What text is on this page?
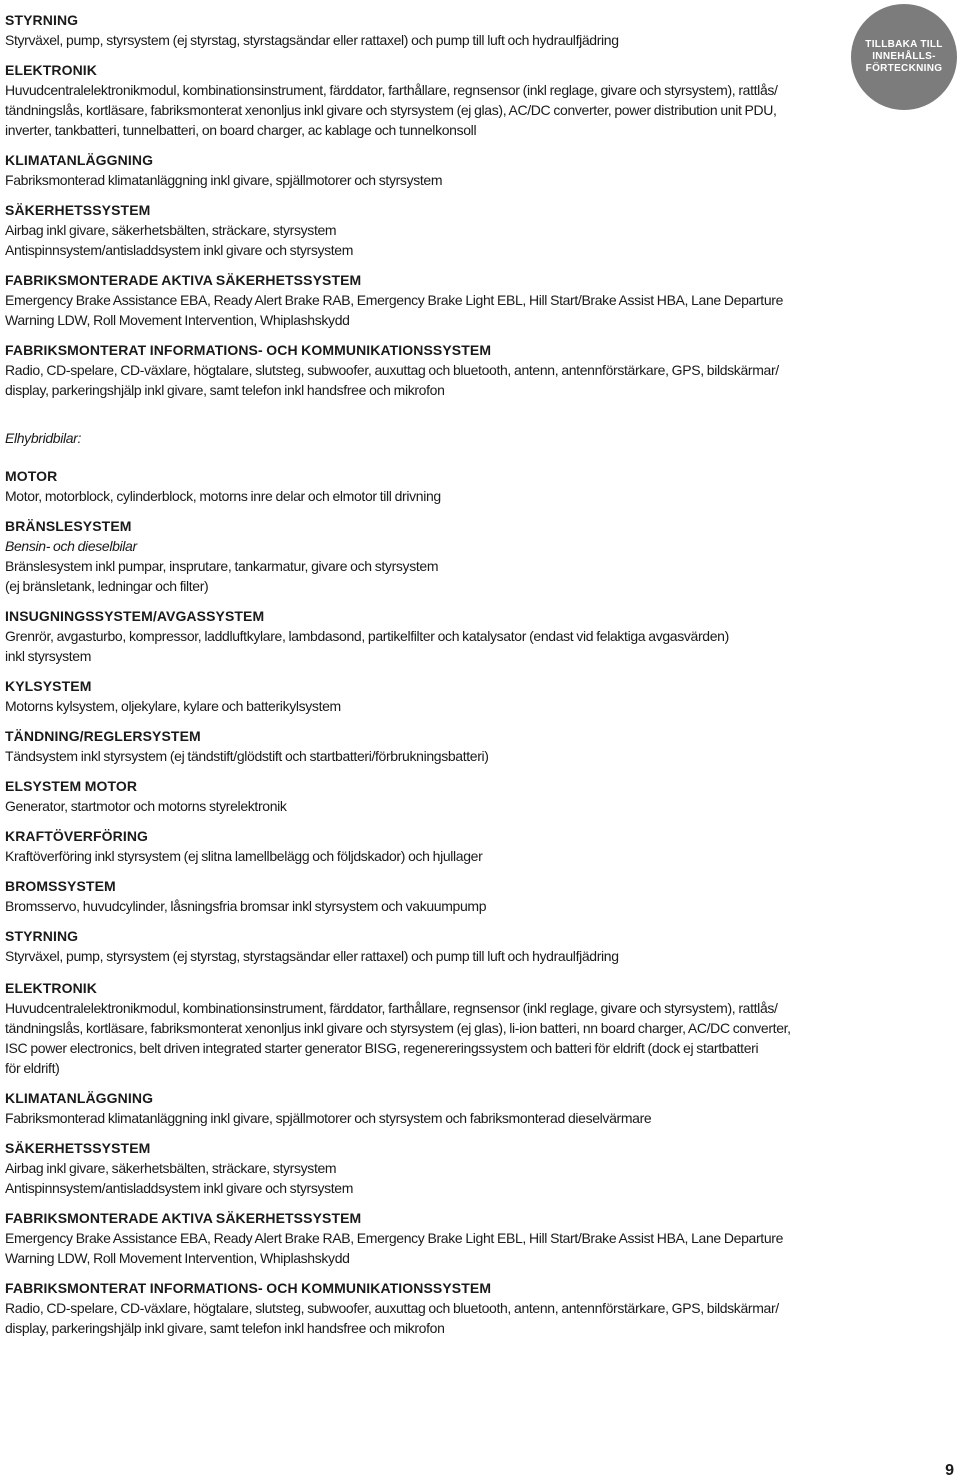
TILLBAKA TILL
INNEHÅLLS-
FÖRTECKNING
STYRNING

Styrväxel, pump, styrsystem (ej styrstag, styrstagsändar eller rattaxel) och pump till luft och hydraulfjädring

ELEKTRONIK

Huvudcentralelektronikmodul, kombinationsinstrument, färddator, farthållare, regnsensor (inkl reglage, givare och styrsystem), rattlås/

tändningslås, kortläsare, fabriksmonterat xenonljus inkl givare och styrsystem (ej glas), AC/DC converter, power distribution unit PDU,

inverter, tankbatteri, tunnelbatteri, on board charger, ac kablage och tunnelkonsoll

KLIMATANLÄGGNING

Fabriksmonterad klimatanläggning inkl givare, spjällmotorer och styrsystem

SÄKERHETSSYSTEM

Airbag inkl givare, säkerhetsbälten, sträckare, styrsystem

Antispinnsystem/antisladdsystem inkl givare och styrsystem

FABRIKSMONTERADE AKTIVA SÄKERHETSSYSTEM

Emergency Brake Assistance EBA, Ready Alert Brake RAB, Emergency Brake Light EBL, Hill Start/Brake Assist HBA, Lane Departure

Warning LDW, Roll Movement Intervention, Whiplashskydd

FABRIKSMONTERAT INFORMATIONS- OCH KOMMUNIKATIONSSYSTEM

Radio, CD-spelare, CD-växlare, högtalare, slutsteg, subwoofer, auxuttag och bluetooth, antenn, antennförstärkare, GPS, bildskärmar/

display, parkeringshjälp inkl givare, samt telefon inkl handsfree och mikrofon

Elhybridbilar:

MOTOR

Motor, motorblock, cylinderblock, motorns inre delar och elmotor till drivning

BRÄNSLESYSTEM

Bensin- och dieselbilar

Bränslesystem inkl pumpar, insprutare, tankarmatur, givare och styrsystem

(ej bränsletank, ledningar och filter)

INSUGNINGSSYSTEM/AVGASSYSTEM

Grenrör, avgasturbo, kompressor, laddluftkylare, lambdasond, partikelfilter och katalysator (endast vid felaktiga avgasvärden)

inkl styrsystem

KYLSYSTEM

Motorns kylsystem, oljekylare, kylare och batterikylsystem

TÄNDNING/REGLERSYSTEM

Tändsystem inkl styrsystem (ej tändstift/glödstift och startbatteri/förbrukningsbatteri)

ELSYSTEM MOTOR

Generator, startmotor och motorns styrelektronik

KRAFTÖVERFÖRING

Kraftöverföring inkl styrsystem (ej slitna lamellbelägg och följdskador) och hjullager

BROMSSYSTEM

Bromsservo, huvudcylinder, låsningsfria bromsar inkl styrsystem och vakuumpump

STYRNING

Styrväxel, pump, styrsystem (ej styrstag, styrstagsändar eller rattaxel) och pump till luft och hydraulfjädring

ELEKTRONIK

Huvudcentralelektronikmodul, kombinationsinstrument, färddator, farthållare, regnsensor (inkl reglage, givare och styrsystem), rattlås/

tändningslås, kortläsare, fabriksmonterat xenonljus inkl givare och styrsystem (ej glas), li-ion batteri, nn board charger, AC/DC converter,

ISC power electronics, belt driven integrated starter generator BISG, regenereringssystem och batteri för eldrift (dock ej startbatteri

för eldrift)

KLIMATANLÄGGNING

Fabriksmonterad klimatanläggning inkl givare, spjällmotorer och styrsystem och fabriksmonterad dieselvärmare

SÄKERHETSSYSTEM

Airbag inkl givare, säkerhetsbälten, sträckare, styrsystem

Antispinnsystem/antisladdsystem inkl givare och styrsystem

FABRIKSMONTERADE AKTIVA SÄKERHETSSYSTEM

Emergency Brake Assistance EBA, Ready Alert Brake RAB, Emergency Brake Light EBL, Hill Start/Brake Assist HBA, Lane Departure

Warning LDW, Roll Movement Intervention, Whiplashskydd

FABRIKSMONTERAT INFORMATIONS- OCH KOMMUNIKATIONSSYSTEM

Radio, CD-spelare, CD-växlare, högtalare, slutsteg, subwoofer, auxuttag och bluetooth, antenn, antennförstärkare, GPS, bildskärmar/

display, parkeringshjälp inkl givare, samt telefon inkl handsfree och mikrofon

9
